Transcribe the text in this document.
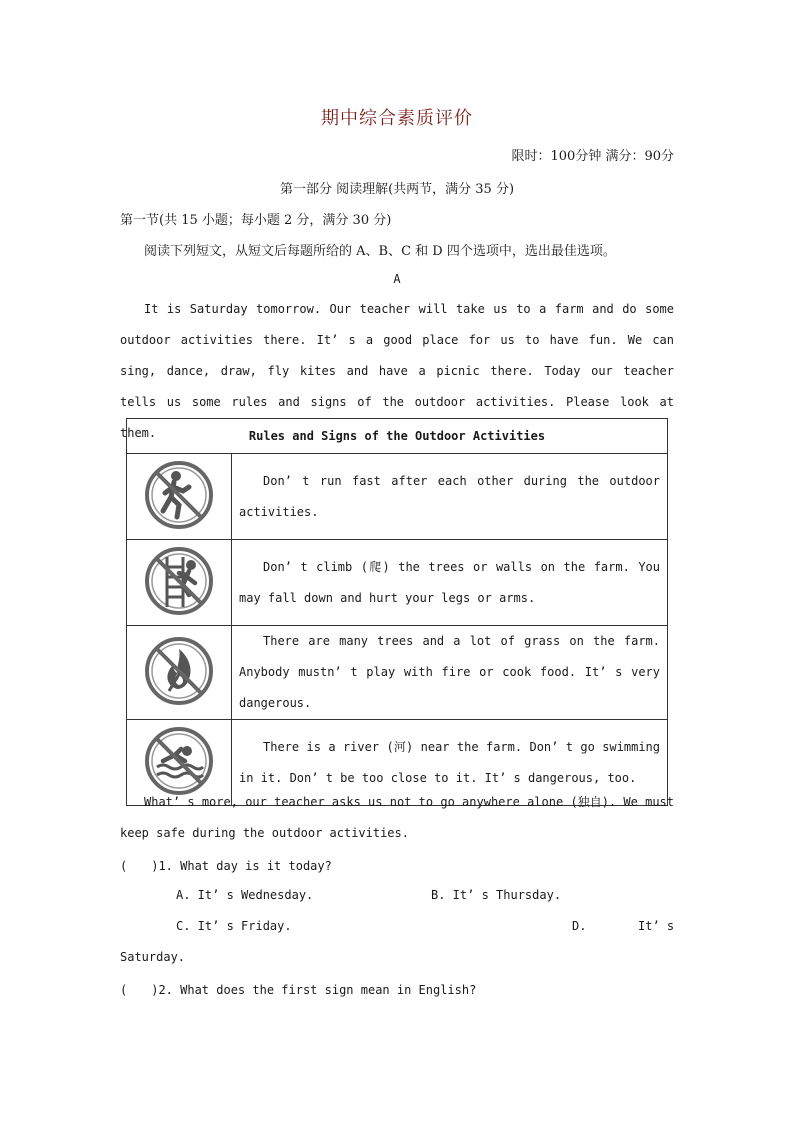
期中综合素质评价
限时：100分钟 满分：90分
第一部分 阅读理解(共两节，满分 35 分)
第一节(共 15 小题；每小题 2 分，满分 30 分)
阅读下列短文，从短文后每题所给的 A、B、C 和 D 四个选项中，选出最佳选项。
A

It is Saturday tomorrow. Our teacher will take us to a farm and do some outdoor activities there. It’ s a good place for us to have fun. We can sing, dance, draw, fly kites and have a picnic there. Today our teacher tells us some rules and signs of the outdoor activities. Please look at them.	Rules and Signs of the Outdoor Activities	

Don’ t run fast after each other during the outdoor activities.

Don’ t climb (爬) the trees or walls on the farm. You may fall down and hurt your legs or arms.

There are many trees and a lot of grass on the farm. Anybody mustn’ t play with fire or cook food. It’ s very dangerous.

There is a river (河) near the farm. Don’ t go swimming in it. Don’ t be too close to it. It’ s dangerous, too.

What’ s more, our teacher asks us not to go anywhere alone (独自). We must keep safe during the outdoor activities.

(　　)1. What day is it today?
A. It’ s Wednesday.	B. It’ s Thursday.
C. It’ s Friday.	D.	It’ s
Saturday.
(　　)2. What does the first sign mean in English?
